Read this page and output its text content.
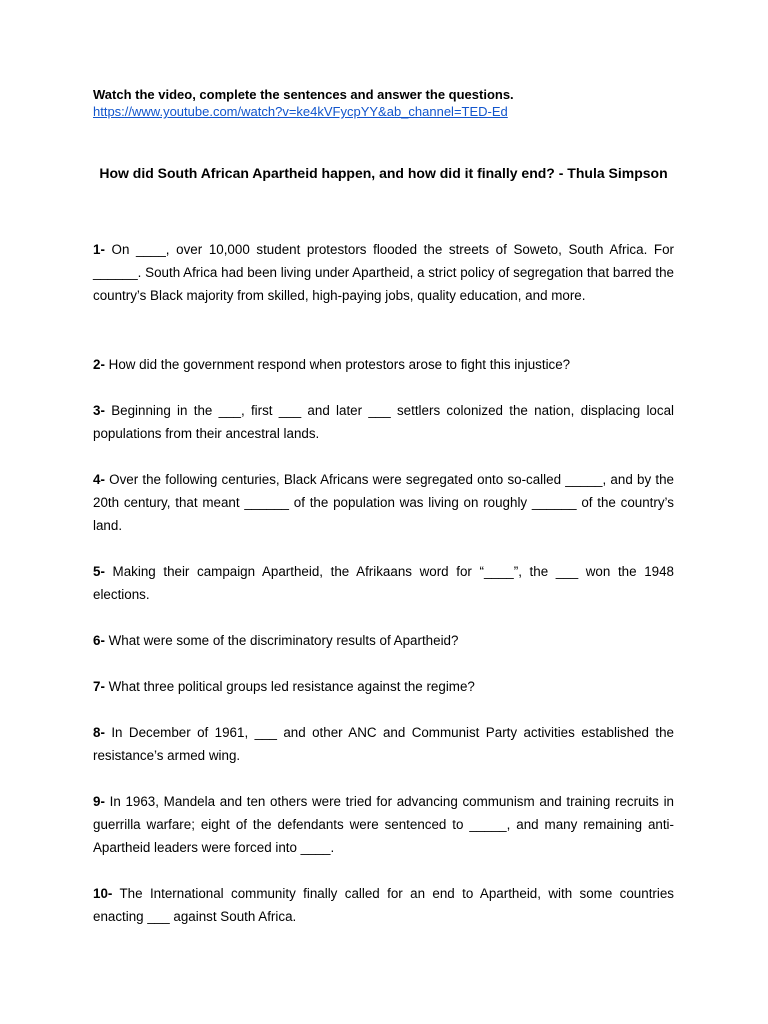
Watch the video, complete the sentences and answer the questions.

https://www.youtube.com/watch?v=ke4kVFycpYY&ab_channel=TED-Ed
How did South African Apartheid happen, and how did it finally end? - Thula Simpson

1- On ____, over 10,000 student protestors flooded the streets of Soweto, South Africa. For ______. South Africa had been living under Apartheid, a strict policy of segregation that barred the country’s Black majority from skilled, high-paying jobs, quality education, and more.

2- How did the government respond when protestors arose to fight this injustice?

3- Beginning in the ___, first ___ and later ___ settlers colonized the nation, displacing local populations from their ancestral lands.

4- Over the following centuries, Black Africans were segregated onto so-called _____, and by the 20th century, that meant ______ of the population was living on roughly ______ of the country’s land.

5- Making their campaign Apartheid, the Afrikaans word for “____”, the ___ won the 1948 elections.

6- What were some of the discriminatory results of Apartheid?

7- What three political groups led resistance against the regime?

8- In December of 1961, ___ and other ANC and Communist Party activities established the resistance’s armed wing.

9- In 1963, Mandela and ten others were tried for advancing communism and training recruits in guerrilla warfare; eight of the defendants were sentenced to _____, and many remaining anti-Apartheid leaders were forced into ____.

10- The International community finally called for an end to Apartheid, with some countries enacting ___ against South Africa.
